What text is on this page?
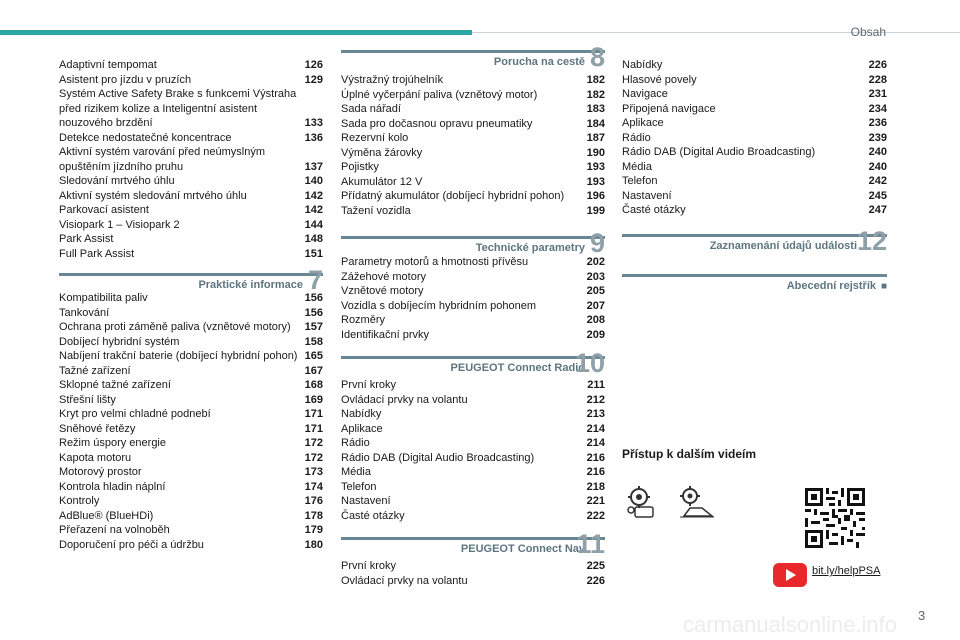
Obsah
Adaptivní tempomat	126
Asistent pro jízdu v pruzích	129
Systém Active Safety Brake s funkcemi Výstraha před rizikem kolize a Inteligentní asistent nouzového brzdění	133
Detekce nedostatečné koncentrace	136
Aktivní systém varování před neúmyslným opuštěním jízdního pruhu	137
Sledování mrtvého úhlu	140
Aktivní systém sledování mrtvého úhlu	142
Parkovací asistent	142
Visiopark 1 – Visiopark 2	144
Park Assist	148
Full Park Assist	151
Praktické informace 7
Kompatibilita paliv	156
Tankování	156
Ochrana proti záměně paliva (vznětové motory)	157
Dobíjecí hybridní systém	158
Nabíjení trakční baterie (dobíjecí hybridní pohon) 165
Tažné zařízení	167
Sklopné tažné zařízení	168
Střešní lišty	169
Kryt pro velmi chladné podnebí	171
Sněhové řetězy	171
Režim úspory energie	172
Kapota motoru	172
Motorový prostor	173
Kontrola hladin náplní	174
Kontroly	176
AdBlue® (BlueHDi)	178
Přeřazení na volnoběh	179
Doporučení pro péči a údržbu	180
Porucha na cestě 8
Výstražný trojúhelník	182
Úplné vyčerpání paliva (vznětový motor)	182
Sada nářadí	183
Sada pro dočasnou opravu pneumatiky	184
Rezervní kolo	187
Výměna žárovky	190
Pojistky	193
Akumulátor 12 V	193
Přídatný akumulátor (dobíjecí hybridní pohon)	196
Tažení vozidla	199
Technické parametry 9
Parametry motorů a hmotnosti přívěsu	202
Zážehové motory	203
Vznětové motory	205
Vozidla s dobíjecím hybridním pohonem	207
Rozměry	208
Identifikační prvky	209
PEUGEOT Connect Radio
10
První kroky	211
Ovládací prvky na volantu	212
Nabídky	213
Aplikace	214
Rádio	214
Rádio DAB (Digital Audio Broadcasting)	216
Média	216
Telefon	218
Nastavení	221
Časté otázky	222
PEUGEOT Connect Nav
11
První kroky	225
Ovládací prvky na volantu	226
Nabídky	226
Hlasové povely	228
Navigace	231
Připojená navigace	234
Aplikace	236
Rádio	239
Rádio DAB (Digital Audio Broadcasting)	240
Média	240
Telefon	242
Nastavení	245
Časté otázky	247
Zaznamenání údajů události 12
Abecední rejstřík ■
Přístup k dalším videím
bit.ly/helpPSA
carmanualsonline.info 3
